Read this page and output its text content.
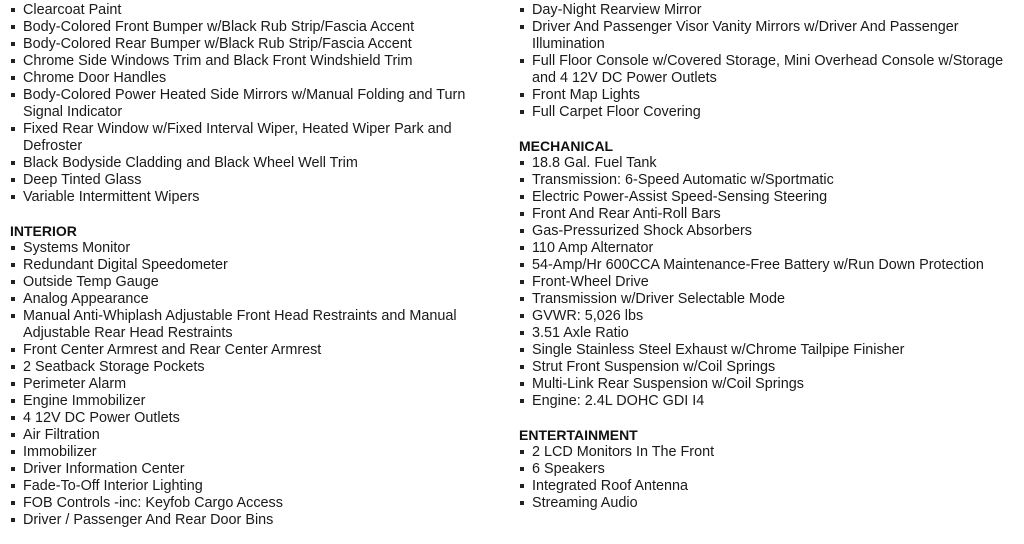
Clearcoat Paint
Body-Colored Front Bumper w/Black Rub Strip/Fascia Accent
Body-Colored Rear Bumper w/Black Rub Strip/Fascia Accent
Chrome Side Windows Trim and Black Front Windshield Trim
Chrome Door Handles
Body-Colored Power Heated Side Mirrors w/Manual Folding and Turn Signal Indicator
Fixed Rear Window w/Fixed Interval Wiper, Heated Wiper Park and Defroster
Black Bodyside Cladding and Black Wheel Well Trim
Deep Tinted Glass
Variable Intermittent Wipers
INTERIOR
Systems Monitor
Redundant Digital Speedometer
Outside Temp Gauge
Analog Appearance
Manual Anti-Whiplash Adjustable Front Head Restraints and Manual Adjustable Rear Head Restraints
Front Center Armrest and Rear Center Armrest
2 Seatback Storage Pockets
Perimeter Alarm
Engine Immobilizer
4 12V DC Power Outlets
Air Filtration
Immobilizer
Driver Information Center
Fade-To-Off Interior Lighting
FOB Controls -inc: Keyfob Cargo Access
Driver / Passenger And Rear Door Bins
Day-Night Rearview Mirror
Driver And Passenger Visor Vanity Mirrors w/Driver And Passenger Illumination
Full Floor Console w/Covered Storage, Mini Overhead Console w/Storage and 4 12V DC Power Outlets
Front Map Lights
Full Carpet Floor Covering
MECHANICAL
18.8 Gal. Fuel Tank
Transmission: 6-Speed Automatic w/Sportmatic
Electric Power-Assist Speed-Sensing Steering
Front And Rear Anti-Roll Bars
Gas-Pressurized Shock Absorbers
110 Amp Alternator
54-Amp/Hr 600CCA Maintenance-Free Battery w/Run Down Protection
Front-Wheel Drive
Transmission w/Driver Selectable Mode
GVWR: 5,026 lbs
3.51 Axle Ratio
Single Stainless Steel Exhaust w/Chrome Tailpipe Finisher
Strut Front Suspension w/Coil Springs
Multi-Link Rear Suspension w/Coil Springs
Engine: 2.4L DOHC GDI I4
ENTERTAINMENT
2 LCD Monitors In The Front
6 Speakers
Integrated Roof Antenna
Streaming Audio
